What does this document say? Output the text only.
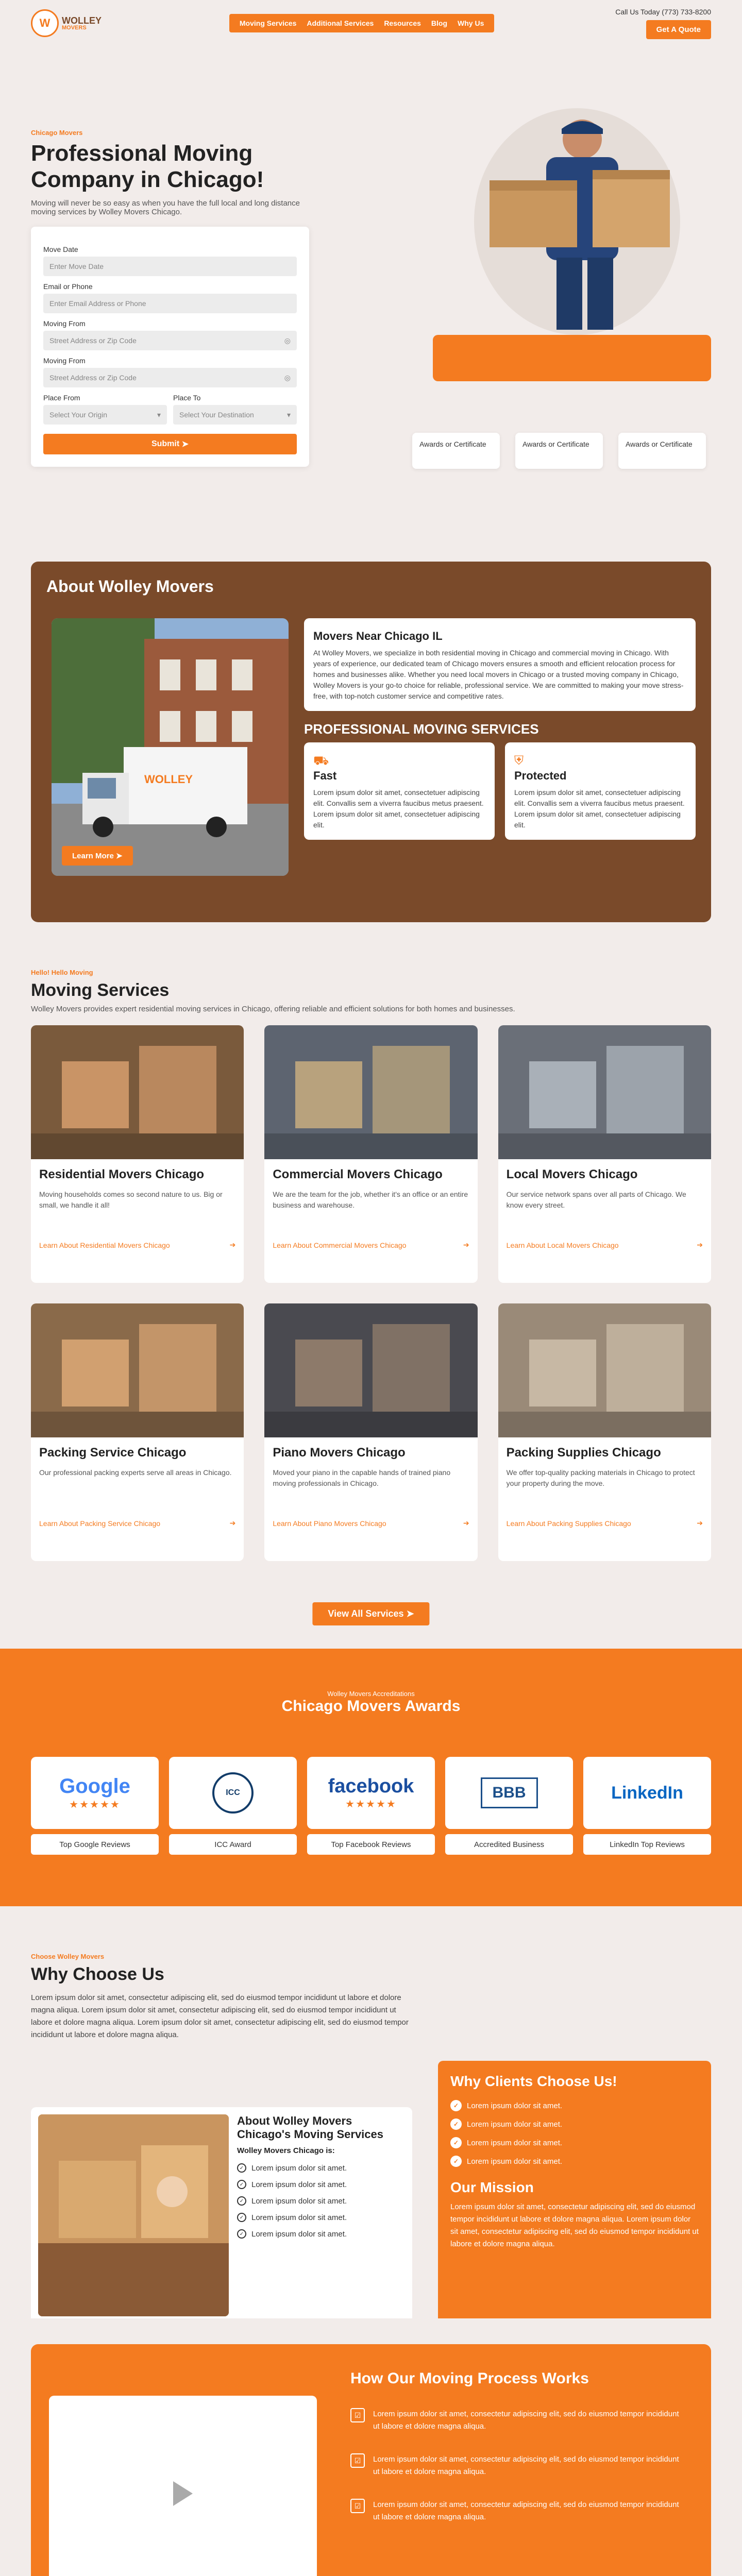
W	WOLLEY
MOVERS
Moving Services	Additional Services	Resources	Blog	Why Us
Call Us Today (773) 733-8200
Get A Quote
Chicago Movers
Professional Moving Company in Chicago!
Moving will never be so easy as when you have the full local and long distance moving services by Wolley Movers Chicago.
Move Date
Enter Move Date
Email or Phone
Enter Email Address or Phone
Moving From
Street Address or Zip Code	◎
Moving From
Street Address or Zip Code	◎
Place From
Select Your Origin	▾
Place To
Select Your Destination	▾
Submit
➤	Awards or Certificate	Awards or Certificate	Awards or Certificate
About Wolley Movers
WOLLEY
Learn More ➤
Movers Near Chicago IL
At Wolley Movers, we specialize in both residential moving in Chicago and commercial moving in Chicago. With years of experience, our dedicated team of Chicago movers ensures a smooth and efficient relocation process for homes and businesses alike. Whether you need local movers in Chicago or a trusted moving company in Chicago, Wolley Movers is your go-to choice for reliable, professional service. We are committed to making your move stress-free, with top-notch customer service and competitive rates.
PROFESSIONAL MOVING SERVICES
⛟
Fast
Lorem ipsum dolor sit amet, consectetuer adipiscing elit. Convallis sem a viverra faucibus metus praesent. Lorem ipsum dolor sit amet, consectetuer adipiscing elit.
⛨
Protected
Lorem ipsum dolor sit amet, consectetuer adipiscing elit. Convallis sem a viverra faucibus metus praesent. Lorem ipsum dolor sit amet, consectetuer adipiscing elit.
Hello! Hello Moving
Moving Services
Wolley Movers provides expert residential moving services in Chicago, offering reliable and efficient solutions for both homes and businesses.
Residential Movers Chicago
Moving households comes so second nature to us. Big or small, we handle it all!
Learn About Residential Movers Chicago	➔
Commercial Movers Chicago
We are the team for the job, whether it's an office or an entire business and warehouse.
Learn About Commercial Movers Chicago	➔
Local Movers Chicago
Our service network spans over all parts of Chicago. We know every street.
Learn About Local Movers Chicago	➔
Packing Service Chicago
Our professional packing experts serve all areas in Chicago.
Learn About Packing Service Chicago	➔
Piano Movers Chicago
Moved your piano in the capable hands of trained piano moving professionals in Chicago.
Learn About Piano Movers Chicago	➔
Packing Supplies Chicago
We offer top-quality packing materials in Chicago to protect your property during the move.
Learn About Packing Supplies Chicago	➔
View All Services ➤
Wolley Movers Accreditations
Chicago Movers Awards
Google
★★★★★
Top Google Reviews
ICC
ICC Award
facebook
★★★★★
Top Facebook Reviews
BBB
Accredited Business
LinkedIn
LinkedIn Top Reviews
Choose Wolley Movers
Why Choose Us
Lorem ipsum dolor sit amet, consectetur adipiscing elit, sed do eiusmod tempor incididunt ut labore et dolore magna aliqua. Lorem ipsum dolor sit amet, consectetur adipiscing elit, sed do eiusmod tempor incididunt ut labore et dolore magna aliqua. Lorem ipsum dolor sit amet, consectetur adipiscing elit, sed do eiusmod tempor incididunt ut labore et dolore magna aliqua.
About Wolley Movers Chicago's Moving Services
Wolley Movers Chicago is:
✓ Lorem ipsum dolor sit amet.
✓ Lorem ipsum dolor sit amet.
✓ Lorem ipsum dolor sit amet.
✓ Lorem ipsum dolor sit amet.
✓ Lorem ipsum dolor sit amet.
Why Clients Choose Us!
✓	Lorem ipsum dolor sit amet.
✓	Lorem ipsum dolor sit amet.
✓	Lorem ipsum dolor sit amet.
✓	Lorem ipsum dolor sit amet.
Our Mission
Lorem ipsum dolor sit amet, consectetur adipiscing elit, sed do eiusmod tempor incididunt ut labore et dolore magna aliqua. Lorem ipsum dolor sit amet, consectetur adipiscing elit, sed do eiusmod tempor incididunt ut labore et dolore magna aliqua.
How Our Moving Process Works
☑	Lorem ipsum dolor sit amet, consectetur adipiscing elit, sed do eiusmod tempor incididunt ut labore et dolore magna aliqua.
☑	Lorem ipsum dolor sit amet, consectetur adipiscing elit, sed do eiusmod tempor incididunt ut labore et dolore magna aliqua.
☑	Lorem ipsum dolor sit amet, consectetur adipiscing elit, sed do eiusmod tempor incididunt ut labore et dolore magna aliqua.
